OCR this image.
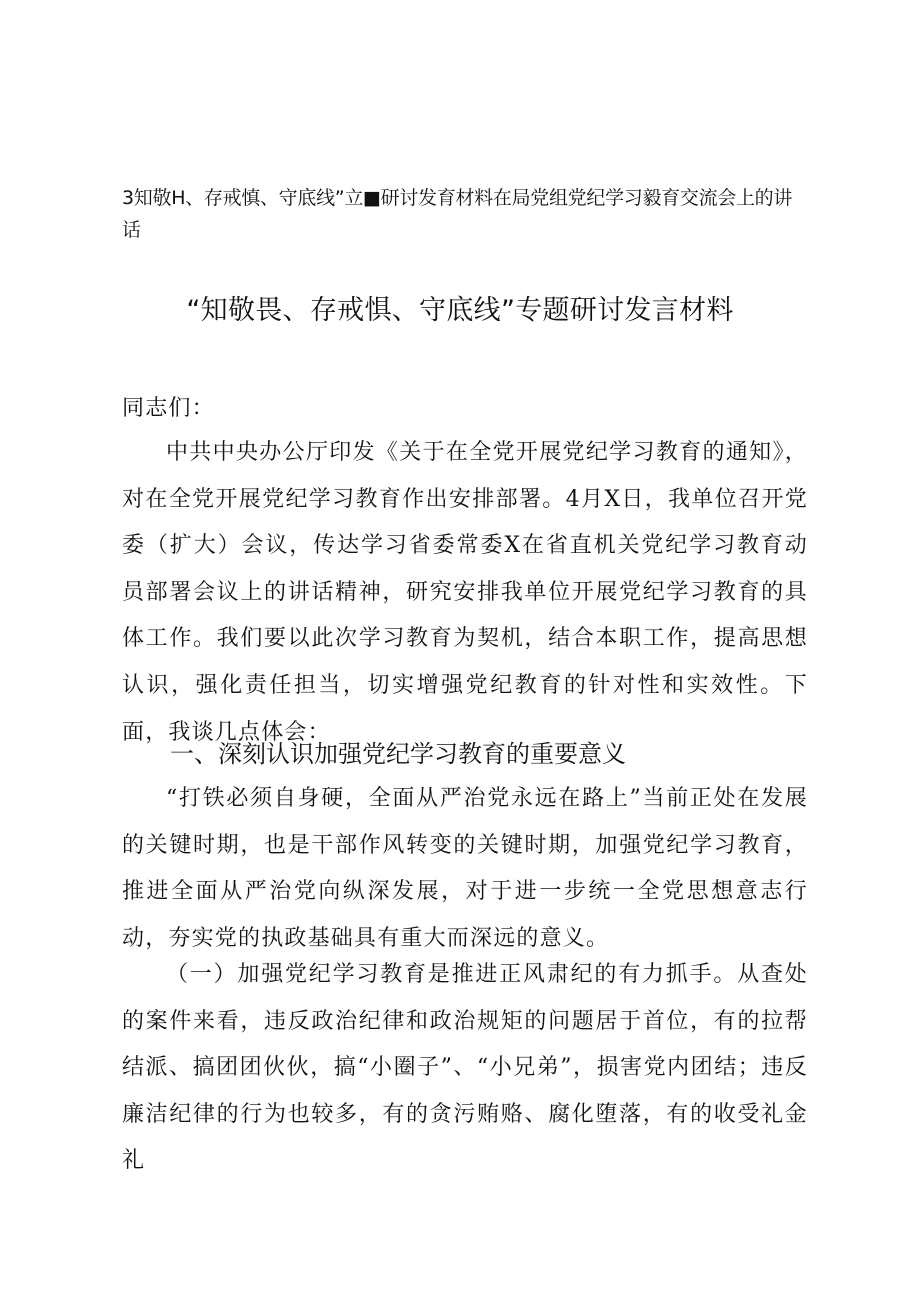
3知敬H、存戒慎、守底线”立■研讨发育材料在局党组党纪学习毅育交流会上的讲话
“知敬畏、存戒惧、守底线”专题研讨发言材料
同志们：
中共中央办公厅印发《关于在全党开展党纪学习教育的通知》，对在全党开展党纪学习教育作出安排部署。4月X日，我单位召开党委（扩大）会议，传达学习省委常委X在省直机关党纪学习教育动员部署会议上的讲话精神，研究安排我单位开展党纪学习教育的具体工作。我们要以此次学习教育为契机，结合本职工作，提高思想认识，强化责任担当，切实增强党纪教育的针对性和实效性。下面，我谈几点体会：
一、深刻认识加强党纪学习教育的重要意义
“打铁必须自身硬，全面从严治党永远在路上”当前正处在发展的关键时期，也是干部作风转变的关键时期，加强党纪学习教育，推进全面从严治党向纵深发展，对于进一步统一全党思想意志行动，夯实党的执政基础具有重大而深远的意义。
（一）加强党纪学习教育是推进正风肃纪的有力抓手。从查处的案件来看，违反政治纪律和政治规矩的问题居于首位，有的拉帮结派、搞团团伙伙，搞“小圈子”、“小兄弟”，损害党内团结；违反廉洁纪律的行为也较多，有的贪污贿赂、腐化堕落，有的收受礼金礼
